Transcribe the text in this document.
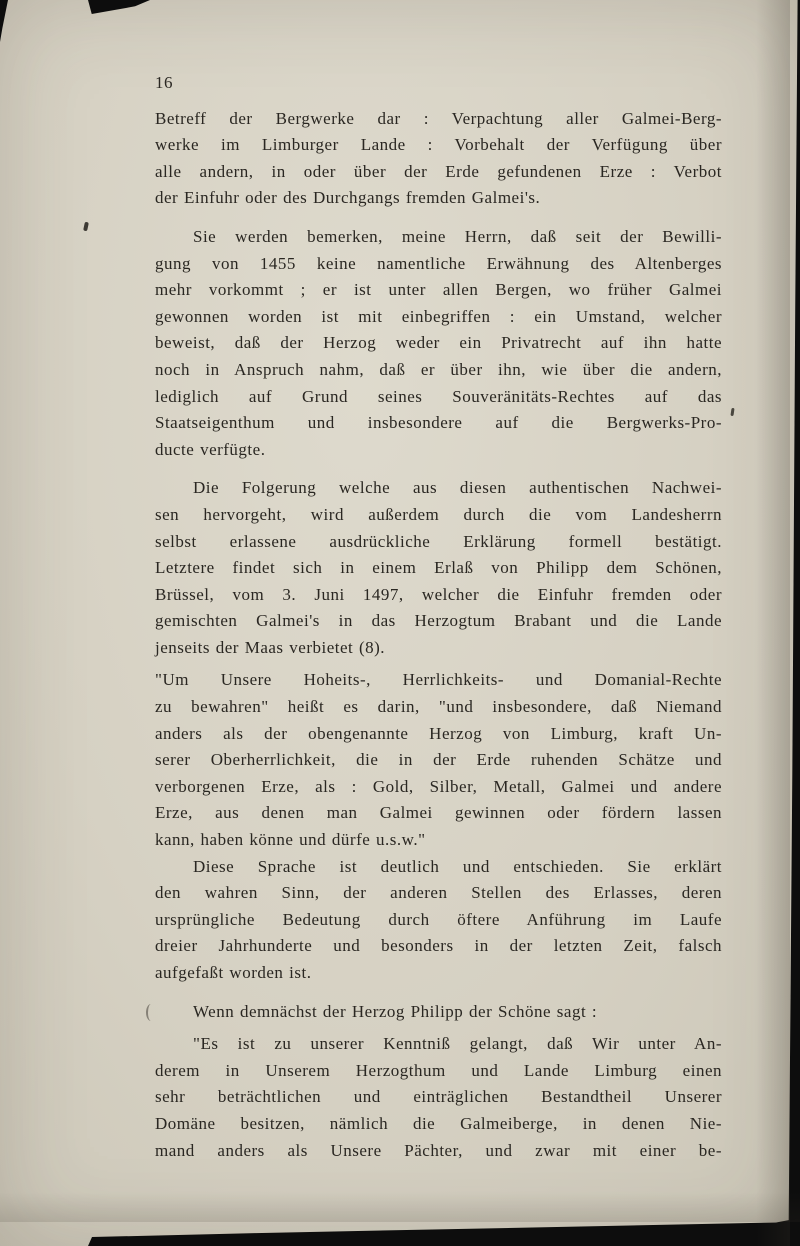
16
Betreff der Bergwerke dar : Verpachtung aller Galmei-Berg-
werke im Limburger Lande : Vorbehalt der Verfügung über
alle andern, in oder über der Erde gefundenen Erze : Verbot
der Einfuhr oder des Durchgangs fremden Galmei's.
Sie werden bemerken, meine Herrn, daß seit der Bewilli-
gung von 1455 keine namentliche Erwähnung des Altenberges
mehr vorkommt ; er ist unter allen Bergen, wo früher Galmei
gewonnen worden ist mit einbegriffen : ein Umstand, welcher
beweist, daß der Herzog weder ein Privatrecht auf ihn hatte
noch in Anspruch nahm, daß er über ihn, wie über die andern,
lediglich auf Grund seines Souveränitäts-Rechtes auf das
Staatseigenthum und insbesondere auf die Bergwerks-Pro-
ducte verfügte.
Die Folgerung welche aus diesen authentischen Nachwei-
sen hervorgeht, wird außerdem durch die vom Landesherrn
selbst erlassene ausdrückliche Erklärung formell bestätigt.
Letztere findet sich in einem Erlaß von Philipp dem Schönen,
Brüssel, vom 3. Juni 1497, welcher die Einfuhr fremden oder
gemischten Galmei's in das Herzogtum Brabant und die Lande
jenseits der Maas verbietet (8).
"Um Unsere Hoheits-, Herrlichkeits- und Domanial-Rechte
zu bewahren" heißt es darin, "und insbesondere, daß Niemand
anders als der obengenannte Herzog von Limburg, kraft Un-
serer Oberherrlichkeit, die in der Erde ruhenden Schätze und
verborgenen Erze, als : Gold, Silber, Metall, Galmei und andere
Erze, aus denen man Galmei gewinnen oder fördern lassen
kann, haben könne und dürfe u.s.w."
Diese Sprache ist deutlich und entschieden. Sie erklärt
den wahren Sinn, der anderen Stellen des Erlasses, deren
ursprüngliche Bedeutung durch öftere Anführung im Laufe
dreier Jahrhunderte und besonders in der letzten Zeit, falsch
aufgefaßt worden ist.
Wenn demnächst der Herzog Philipp der Schöne sagt :
"Es ist zu unserer Kenntniß gelangt, daß Wir unter An-
derem in Unserem Herzogthum und Lande Limburg einen
sehr beträchtlichen und einträglichen Bestandtheil Unserer
Domäne besitzen, nämlich die Galmeiberge, in denen Nie-
mand anders als Unsere Pächter, und zwar mit einer be-
